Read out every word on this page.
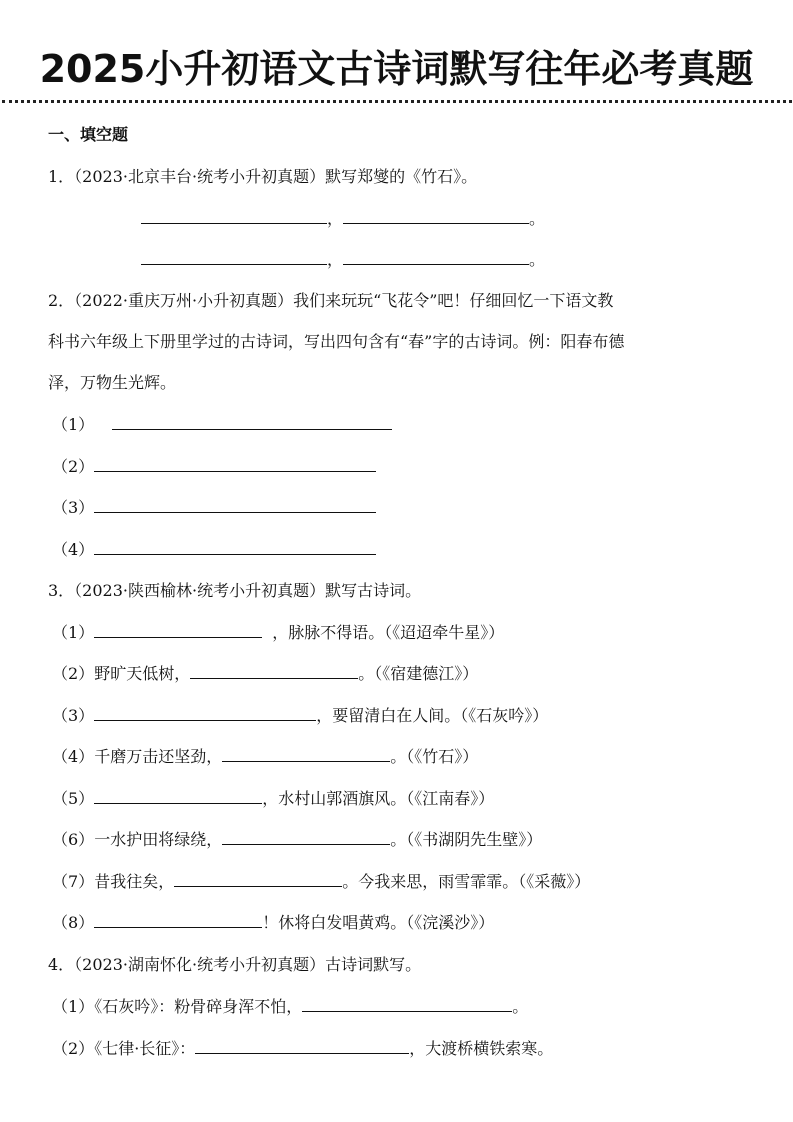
2025小升初语文古诗词默写往年必考真题
一、填空题
1．（2023·北京丰台·统考小升初真题）默写郑燮的《竹石》。
，	。
，	。
2．（2022·重庆万州·小升初真题）我们来玩玩“飞花令”吧！仔细回忆一下语文教
科书六年级上下册里学过的古诗词，写出四句含有“春”字的古诗词。例：阳春布德
泽，万物生光辉。
（1）
（2）
（3）
（4）
3．（2023·陕西榆林·统考小升初真题）默写古诗词。
（1）	，脉脉不得语。（《迢迢牵牛星》）
（2）野旷天低树，	。（《宿建德江》）
（3）	，要留清白在人间。（《石灰吟》）
（4）千磨万击还坚劲，	。（《竹石》）
（5）	，水村山郭酒旗风。（《江南春》）
（6）一水护田将绿绕，	。（《书湖阴先生壁》）
（7）昔我往矣，	。今我来思，雨雪霏霏。（《采薇》）
（8）	！休将白发唱黄鸡。（《浣溪沙》）
4．（2023·湖南怀化·统考小升初真题）古诗词默写。
（1）《石灰吟》：粉骨碎身浑不怕，	。
（2）《七律·长征》：	，大渡桥横铁索寒。
